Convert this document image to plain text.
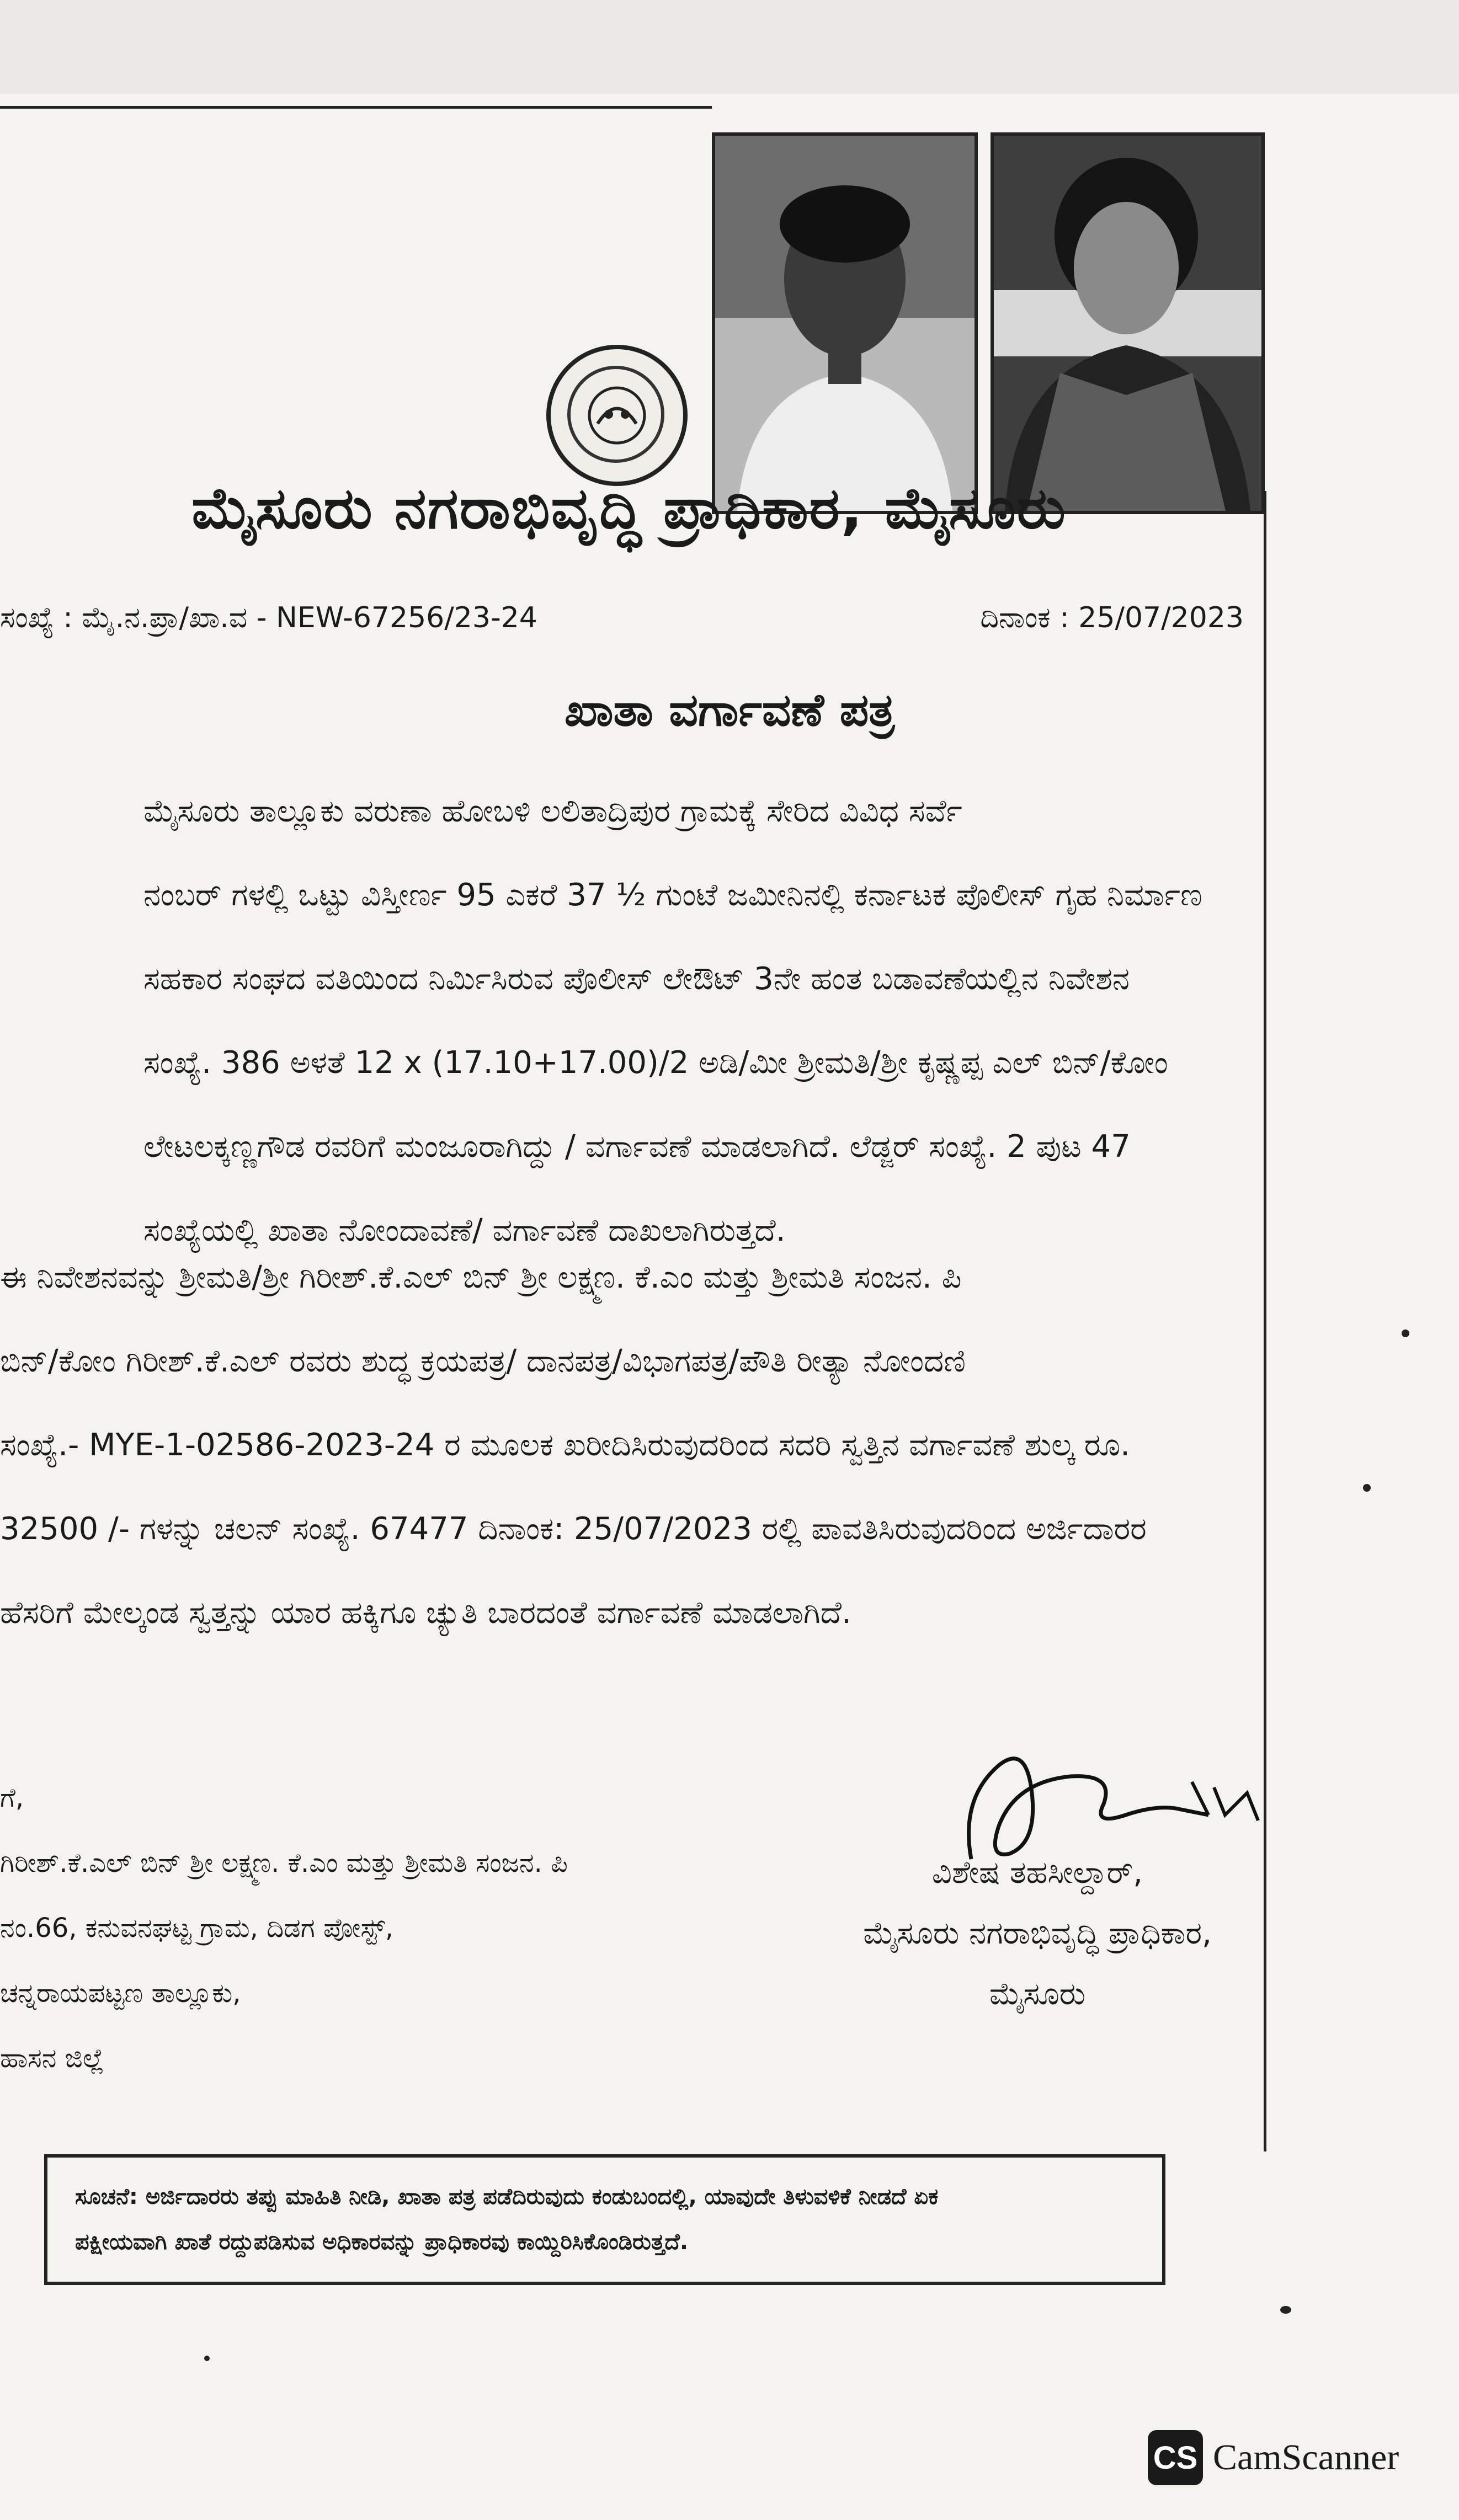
ಮೈಸೂರು ನಗರಾಭಿವೃದ್ಧಿ ಪ್ರಾಧಿಕಾರ, ಮೈಸೂರು
ಸಂಖ್ಯೆ : ಮೈ.ನ.ಪ್ರಾ/ಖಾ.ವ - NEW-67256/23-24	ದಿನಾಂಕ : 25/07/2023
ಖಾತಾ ವರ್ಗಾವಣೆ ಪತ್ರ
ಮೈಸೂರು ತಾಲ್ಲೂಕು ವರುಣಾ ಹೋಬಳಿ ಲಲಿತಾದ್ರಿಪುರ ಗ್ರಾಮಕ್ಕೆ ಸೇರಿದ ವಿವಿಧ ಸರ್ವೆ
ನಂಬರ್ ಗಳಲ್ಲಿ ಒಟ್ಟು ವಿಸ್ತೀರ್ಣ 95 ಎಕರೆ 37 ½ ಗುಂಟೆ ಜಮೀನಿನಲ್ಲಿ ಕರ್ನಾಟಕ ಪೊಲೀಸ್ ಗೃಹ ನಿರ್ಮಾಣ
ಸಹಕಾರ ಸಂಘದ ವತಿಯಿಂದ ನಿರ್ಮಿಸಿರುವ ಪೊಲೀಸ್ ಲೇಔಟ್ 3ನೇ ಹಂತ ಬಡಾವಣೆಯಲ್ಲಿನ ನಿವೇಶನ
ಸಂಖ್ಯೆ. 386 ಅಳತೆ 12 x (17.10+17.00)/2 ಅಡಿ/ಮೀ ಶ್ರೀಮತಿ/ಶ್ರೀ ಕೃಷ್ಣಪ್ಪ ಎಲ್ ಬಿನ್/ಕೋಂ
ಲೇಟಲಕ್ಕಣ್ಣಗೌಡ ರವರಿಗೆ ಮಂಜೂರಾಗಿದ್ದು / ವರ್ಗಾವಣೆ ಮಾಡಲಾಗಿದೆ. ಲೆಡ್ಜರ್ ಸಂಖ್ಯೆ. 2 ಪುಟ 47
ಸಂಖ್ಯೆಯಲ್ಲಿ ಖಾತಾ ನೋಂದಾವಣೆ/ ವರ್ಗಾವಣೆ ದಾಖಲಾಗಿರುತ್ತದೆ.
ಈ ನಿವೇಶನವನ್ನು ಶ್ರೀಮತಿ/ಶ್ರೀ ಗಿರೀಶ್.ಕೆ.ಎಲ್ ಬಿನ್ ಶ್ರೀ ಲಕ್ಷ್ಮಣ. ಕೆ.ಎಂ ಮತ್ತು ಶ್ರೀಮತಿ ಸಂಜನ. ಪಿ
ಬಿನ್/ಕೋಂ ಗಿರೀಶ್.ಕೆ.ಎಲ್ ರವರು ಶುದ್ಧ ಕ್ರಯಪತ್ರ/ ದಾನಪತ್ರ/ವಿಭಾಗಪತ್ರ/ಪೌತಿ ರೀತ್ಯಾ ನೋಂದಣಿ
ಸಂಖ್ಯೆ.- MYE-1-02586-2023-24 ರ ಮೂಲಕ ಖರೀದಿಸಿರುವುದರಿಂದ ಸದರಿ ಸ್ವತ್ತಿನ ವರ್ಗಾವಣೆ ಶುಲ್ಕ ರೂ.
32500 /- ಗಳನ್ನು ಚಲನ್ ಸಂಖ್ಯೆ. 67477 ದಿನಾಂಕ: 25/07/2023 ರಲ್ಲಿ ಪಾವತಿಸಿರುವುದರಿಂದ ಅರ್ಜಿದಾರರ
ಹೆಸರಿಗೆ ಮೇಲ್ಕಂಡ ಸ್ವತ್ತನ್ನು ಯಾರ ಹಕ್ಕಿಗೂ ಚ್ಯುತಿ ಬಾರದಂತೆ ವರ್ಗಾವಣೆ ಮಾಡಲಾಗಿದೆ.
ಗೆ,
ಗಿರೀಶ್.ಕೆ.ಎಲ್ ಬಿನ್ ಶ್ರೀ ಲಕ್ಷ್ಮಣ. ಕೆ.ಎಂ ಮತ್ತು ಶ್ರೀಮತಿ ಸಂಜನ. ಪಿ
ನಂ.66, ಕನುವನಘಟ್ಟ ಗ್ರಾಮ, ದಿಡಗ ಪೋಸ್ಟ್,
ಚನ್ನರಾಯಪಟ್ಟಣ ತಾಲ್ಲೂಕು,
ಹಾಸನ ಜಿಲ್ಲೆ
ವಿಶೇಷ ತಹಸೀಲ್ದಾರ್,
ಮೈಸೂರು ನಗರಾಭಿವೃದ್ಧಿ ಪ್ರಾಧಿಕಾರ,
ಮೈಸೂರು
ಸೂಚನೆ: ಅರ್ಜಿದಾರರು ತಪ್ಪು ಮಾಹಿತಿ ನೀಡಿ, ಖಾತಾ ಪತ್ರ ಪಡೆದಿರುವುದು ಕಂಡುಬಂದಲ್ಲಿ, ಯಾವುದೇ ತಿಳುವಳಿಕೆ ನೀಡದೆ ಏಕ
ಪಕ್ಷೀಯವಾಗಿ ಖಾತೆ ರದ್ದುಪಡಿಸುವ ಅಧಿಕಾರವನ್ನು ಪ್ರಾಧಿಕಾರವು ಕಾಯ್ದಿರಿಸಿಕೊಂಡಿರುತ್ತದೆ.
CS CamScanner
